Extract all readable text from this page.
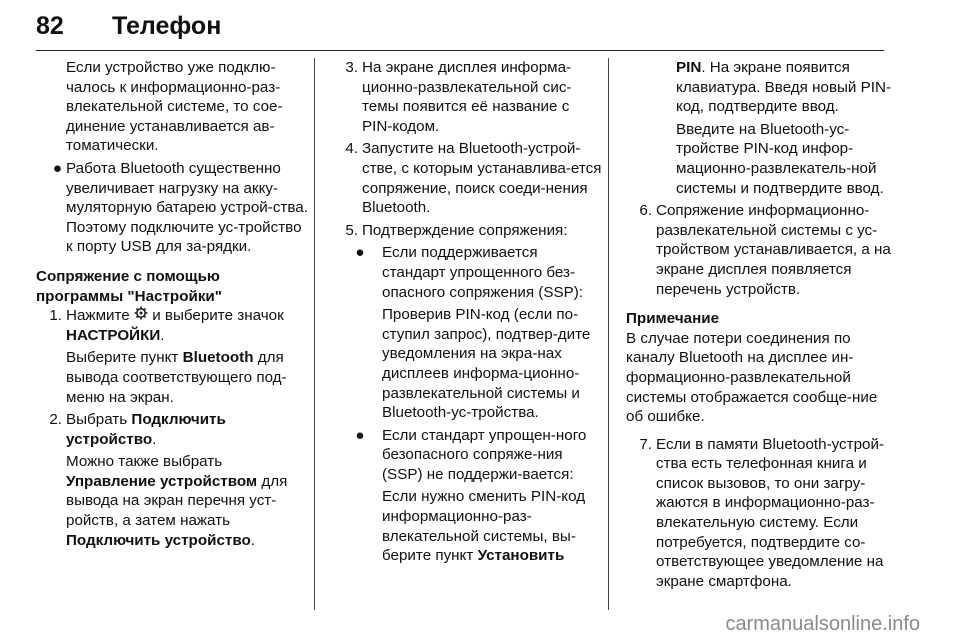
82 Телефон

Если устройство уже подклю-чалось к информационно-раз-влекательной системе, то сое-динение устанавливается ав-томатически.

● Работа Bluetooth существенно увеличивает нагрузку на акку-муляторную батарею устрой-ства. Поэтому подключите ус-тройство к порту USB для за-рядки.
Сопряжение с помощью
программы "Настройки"
1. Нажмите и выберите значок НАСТРОЙКИ.

Выберите пункт Bluetooth для вывода соответствующего под-меню на экран.

2. Выбрать Подключить устройство.

Можно также выбрать Управление устройством для вывода на экран перечня уст-ройств, а затем нажать Подключить устройство.

3. На экране дисплея информа-ционно-развлекательной сис-темы появится её название с PIN-кодом.
4. Запустите на Bluetooth-устрой-стве, с которым устанавлива-ется сопряжение, поиск соеди-нения Bluetooth.
5. Подтверждение сопряжения:
● Если поддерживается стандарт упрощенного без-опасного сопряжения (SSP):

Проверив PIN-код (если по-ступил запрос), подтвер-дите уведомления на экра-нах дисплеев информа-ционно-развлекательной системы и Bluetooth-ус-тройства.

● Если стандарт упрощен-ного безопасного сопряже-ния (SSP) не поддержи-вается:

Если нужно сменить PIN-код информационно-раз-влекательной системы, вы-берите пункт Установить

PIN. На экране появится клавиатура. Введя новый PIN-код, подтвердите ввод.

Введите на Bluetooth-ус-тройстве PIN-код инфор-мационно-развлекатель-ной системы и подтвердите ввод.

6. Сопряжение информационно-развлекательной системы с ус-тройством устанавливается, а на экране дисплея появляется перечень устройств.
Примечание

В случае потери соединения по каналу Bluetooth на дисплее ин-формационно-развлекательной системы отображается сообще-ние об ошибке.

7. Если в памяти Bluetooth-устрой-ства есть телефонная книга и список вызовов, то они загру-жаются в информационно-раз-влекательную систему. Если потребуется, подтвердите со-ответствующее уведомление на экране смартфона.
carmanualsonline.info
